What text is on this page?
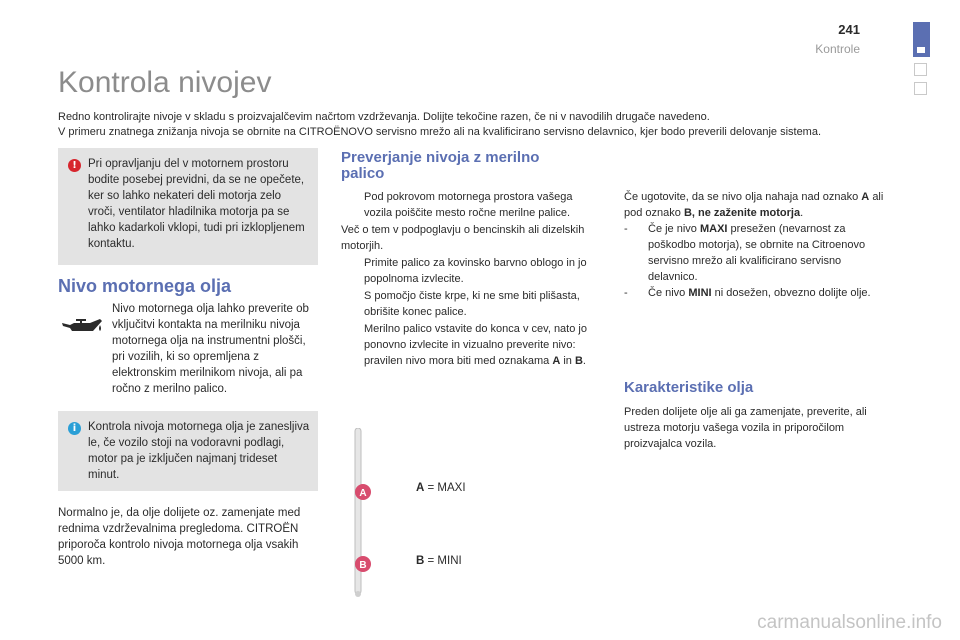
241
Kontrole
Kontrola nivojev

Redno kontrolirajte nivoje v skladu s proizvajalčevim načrtom vzdrževanja. Dolijte tekočine razen, če ni v navodilih drugače navedeno.

V primeru znatnega znižanja nivoja se obrnite na CITROËNOVO servisno mrežo ali na kvalificirano servisno delavnico, kjer bodo preverili delovanje sistema.

! Pri opravljanju del v motornem prostoru bodite posebej previdni, da se ne opečete, ker so lahko nekateri deli motorja zelo vroči, ventilator hladilnika motorja pa se lahko kadarkoli vklopi, tudi pri izklopljenem kontaktu.
Nivo motornega olja
Nivo motornega olja lahko preverite ob vključitvi kontakta na merilniku nivoja motornega olja na instrumentni plošči, pri vozilih, ki so opremljena z elektronskim merilnikom nivoja, ali pa ročno z merilno palico.
i	Kontrola nivoja motornega olja je zanesljiva le, če vozilo stoji na vodoravni podlagi, motor pa je izključen najmanj trideset minut.
Normalno je, da olje dolijete oz. zamenjate med rednima vzdrževalnima pregledoma. CITROËN priporoča kontrolo nivoja motornega olja vsakih 5000 km.
Preverjanje nivoja z merilno palico
Pod pokrovom motornega prostora vašega vozila poiščite mesto ročne merilne palice.
Več o tem v podpoglavju o bencinskih ali dizelskih motorjih.
Primite palico za kovinsko barvno oblogo in jo popolnoma izvlecite.
S pomočjo čiste krpe, ki ne sme biti plišasta, obrišite konec palice.
Merilno palico vstavite do konca v cev, nato jo ponovno izvlecite in vizualno preverite nivo: pravilen nivo mora biti med oznakama A in B.
A
B
A = MAXI
B = MINI

Če ugotovite, da se nivo olja nahaja nad oznako A ali pod oznako B, ne zaženite motorja.

- Če je nivo MAXI presežen (nevarnost za poškodbo motorja), se obrnite na Citroenovo servisno mrežo ali kvalificirano servisno delavnico.

- Če nivo MINI ni dosežen, obvezno dolijte olje.

Karakteristike olja
Preden dolijete olje ali ga zamenjate, preverite, ali ustreza motorju vašega vozila in priporočilom proizvajalca vozila.
carmanualsonline.info
